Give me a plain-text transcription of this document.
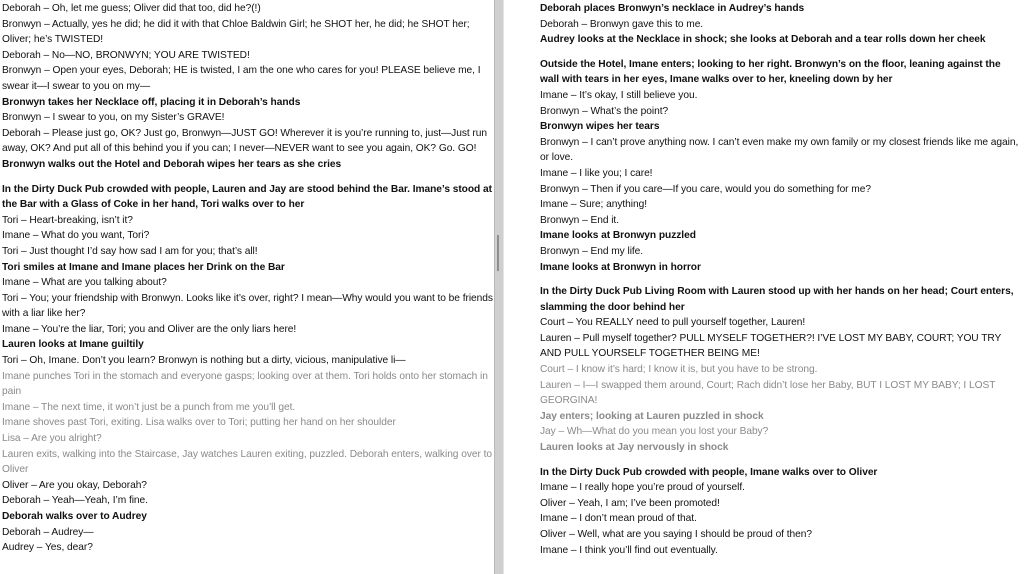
Deborah – Oh, let me guess; Oliver did that too, did he?(!)

Bronwyn – Actually, yes he did; he did it with that Chloe Baldwin Girl; he SHOT her, he did; he SHOT her; Oliver; he’s TWISTED!

Deborah – No—NO, BRONWYN; YOU ARE TWISTED!

Bronwyn – Open your eyes, Deborah; HE is twisted, I am the one who cares for you! PLEASE believe me, I swear it—I swear to you on my—

Bronwyn takes her Necklace off, placing it in Deborah’s hands

Bronwyn – I swear to you, on my Sister’s GRAVE!

Deborah – Please just go, OK? Just go, Bronwyn—JUST GO! Wherever it is you’re running to, just—Just run away, OK? And put all of this behind you if you can; I never—NEVER want to see you again, OK? Go. GO!

Bronwyn walks out the Hotel and Deborah wipes her tears as she cries

In the Dirty Duck Pub crowded with people, Lauren and Jay are stood behind the Bar. Imane’s stood at the Bar with a Glass of Coke in her hand, Tori walks over to her

Tori – Heart-breaking, isn’t it?

Imane – What do you want, Tori?

Tori – Just thought I’d say how sad I am for you; that’s all!

Tori smiles at Imane and Imane places her Drink on the Bar

Imane – What are you talking about?

Tori – You; your friendship with Bronwyn. Looks like it’s over, right? I mean—Why would you want to be friends with a liar like her?

Imane – You’re the liar, Tori; you and Oliver are the only liars here!

Lauren looks at Imane guiltily

Tori – Oh, Imane. Don’t you learn? Bronwyn is nothing but a dirty, vicious, manipulative li—

Imane punches Tori in the stomach and everyone gasps; looking over at them. Tori holds onto her stomach in pain

Imane – The next time, it won’t just be a punch from me you’ll get.

Imane shoves past Tori, exiting. Lisa walks over to Tori; putting her hand on her shoulder

Lisa – Are you alright?

Lauren exits, walking into the Staircase, Jay watches Lauren exiting, puzzled. Deborah enters, walking over to Oliver

Oliver – Are you okay, Deborah?

Deborah – Yeah—Yeah, I’m fine.

Deborah walks over to Audrey

Deborah – Audrey—

Audrey – Yes, dear?

Deborah places Bronwyn’s necklace in Audrey’s hands

Deborah – Bronwyn gave this to me.

Audrey looks at the Necklace in shock; she looks at Deborah and a tear rolls down her cheek

Outside the Hotel, Imane enters; looking to her right. Bronwyn’s on the floor, leaning against the wall with tears in her eyes, Imane walks over to her, kneeling down by her

Imane – It’s okay, I still believe you.

Bronwyn – What’s the point?

Bronwyn wipes her tears

Bronwyn – I can’t prove anything now. I can’t even make my own family or my closest friends like me again, or love.

Imane – I like you; I care!

Bronwyn – Then if you care—If you care, would you do something for me?

Imane – Sure; anything!

Bronwyn – End it.

Imane looks at Bronwyn puzzled

Bronwyn – End my life.

Imane looks at Bronwyn in horror

In the Dirty Duck Pub Living Room with Lauren stood up with her hands on her head; Court enters, slamming the door behind her

Court – You REALLY need to pull yourself together, Lauren!

Lauren – Pull myself together? PULL MYSELF TOGETHER?! I’VE LOST MY BABY, COURT; YOU TRY AND PULL YOURSELF TOGETHER BEING ME!

Court – I know it’s hard; I know it is, but you have to be strong.

Lauren – I—I swapped them around, Court; Rach didn’t lose her Baby, BUT I LOST MY BABY; I LOST GEORGINA!

Jay enters; looking at Lauren puzzled in shock

Jay – Wh—What do you mean you lost your Baby?

Lauren looks at Jay nervously in shock

In the Dirty Duck Pub crowded with people, Imane walks over to Oliver

Imane – I really hope you’re proud of yourself.

Oliver – Yeah, I am; I’ve been promoted!

Imane – I don’t mean proud of that.

Oliver – Well, what are you saying I should be proud of then?

Imane – I think you’ll find out eventually.
